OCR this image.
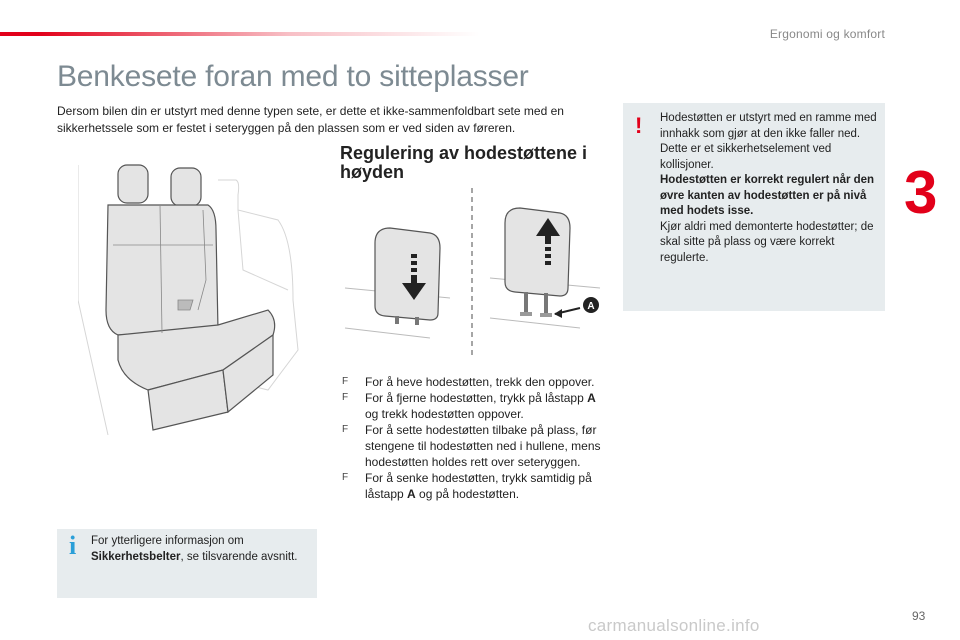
Ergonomi og komfort
3
Benkesete foran med to sitteplasser

Dersom bilen din er utstyrt med denne typen sete, er dette et ikke-sammenfoldbart sete med en sikkerhetssele som er festet i seteryggen på den plassen som er ved siden av føreren.

A
Regulering av hodestøttene i høyden
F For å heve hodestøtten, trekk den oppover.
F For å fjerne hodestøtten, trykk på låstapp A og trekk hodestøtten oppover.
F For å sette hodestøtten tilbake på plass, før stengene til hodestøtten ned i hullene, mens hodestøtten holdes rett over seteryggen.
F For å senke hodestøtten, trykk samtidig på låstapp A og på hodestøtten.
! Hodestøtten er utstyrt med en ramme med innhakk som gjør at den ikke faller ned. Dette er et sikkerhetselement ved kollisjoner.
Hodestøtten er korrekt regulert når den øvre kanten av hodestøtten er på nivå med hodets isse.
Kjør aldri med demonterte hodestøtter; de skal sitte på plass og være korrekt regulerte.

i For ytterligere informasjon om Sikkerhetsbelter, se tilsvarende avsnitt.

93
carmanualsonline.info
